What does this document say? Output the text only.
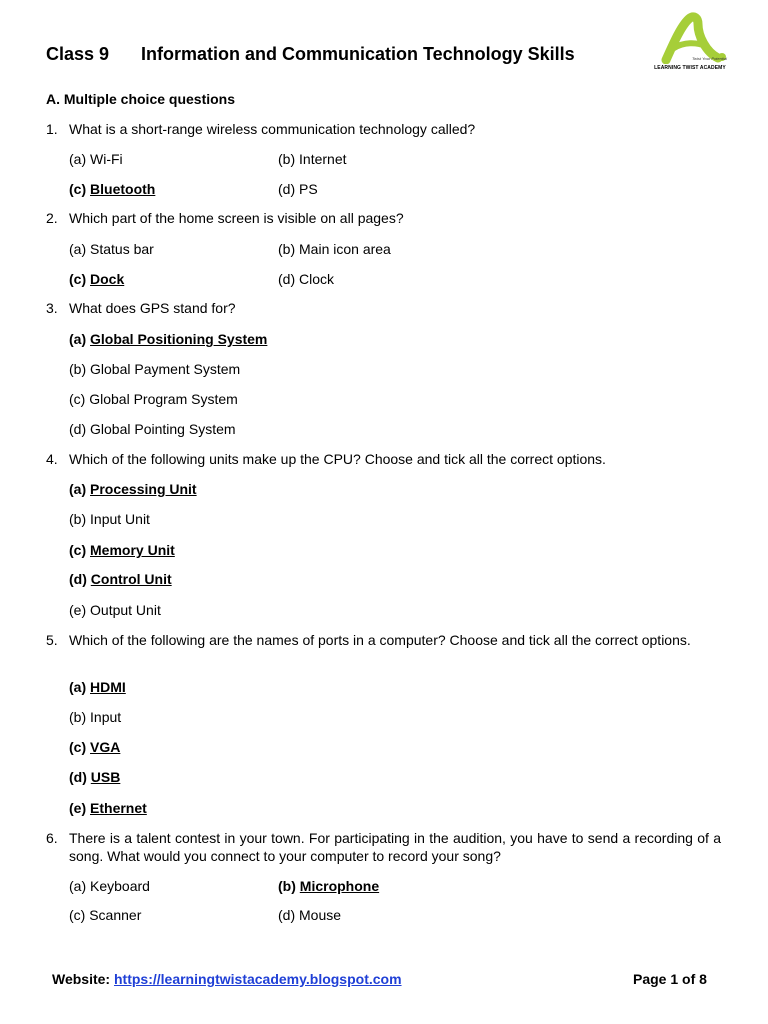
Class 9 Information and Communication Technology Skills	Twist Your Potential
LEARNING TWIST ACADEMY
A. Multiple choice questions
1. What is a short-range wireless communication technology called?
(a) Wi-Fi	(b) Internet
(c) Bluetooth	(d) PS
2. Which part of the home screen is visible on all pages?
(a) Status bar	(b) Main icon area
(c) Dock	(d) Clock
3. What does GPS stand for?
(a) Global Positioning System
(b) Global Payment System
(c) Global Program System
(d) Global Pointing System
4. Which of the following units make up the CPU? Choose and tick all the correct options.
(a) Processing Unit
(b) Input Unit
(c) Memory Unit
(d) Control Unit
(e) Output Unit
5. Which of the following are the names of ports in a computer? Choose and tick all the correct options.
(a) HDMI
(b) Input
(c) VGA
(d) USB
(e) Ethernet
6. There is a talent contest in your town. For participating in the audition, you have to send a recording of a song. What would you connect to your computer to record your song?
(a) Keyboard	(b) Microphone
(c) Scanner	(d) Mouse
Website: https://learningtwistacademy.blogspot.com	Page 1 of 8
